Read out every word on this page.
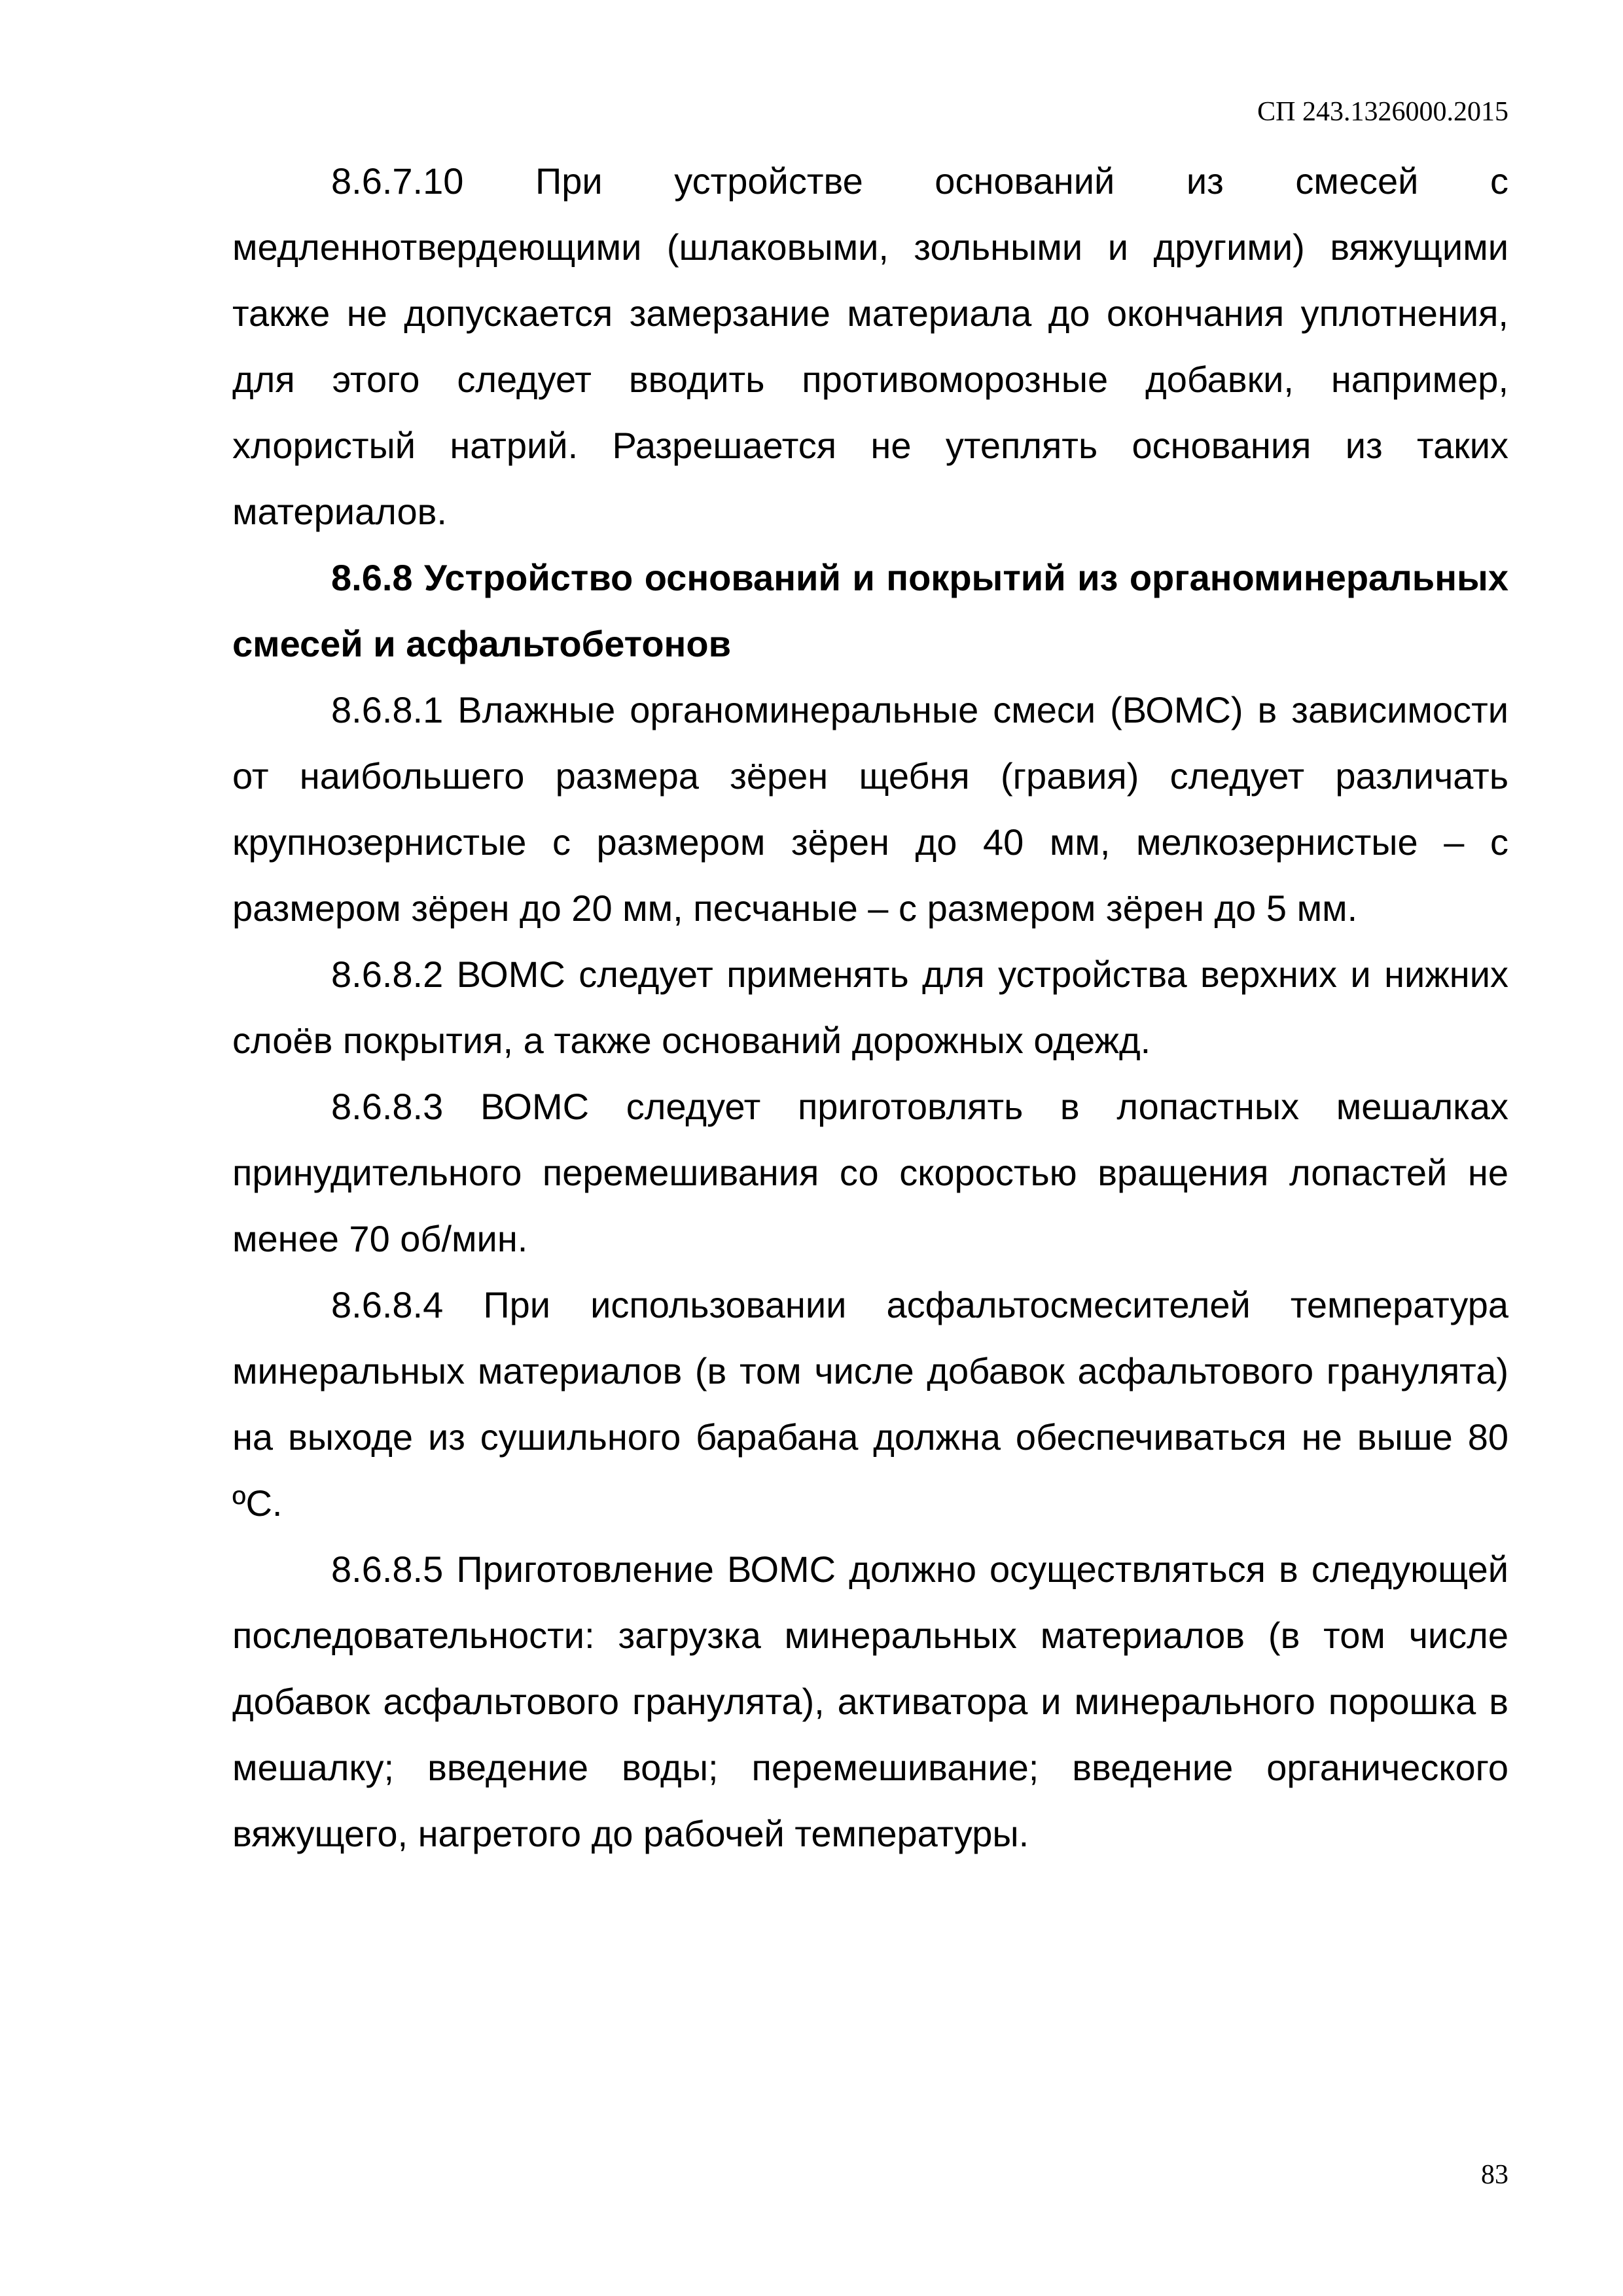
СП 243.1326000.2015

8.6.7.10 При устройстве оснований из смесей с медленнотвердеющими (шлаковыми, зольными и другими) вяжущими также не допускается замерзание материала до окончания уплотнения, для этого следует вводить противоморозные добавки, например, хлористый натрий. Разрешается не утеплять основания из таких материалов.

8.6.8 Устройство оснований и покрытий из органоминеральных смесей и асфальтобетонов

8.6.8.1 Влажные органоминеральные смеси (ВОМС) в зависимости от наибольшего размера зёрен щебня (гравия) следует различать крупнозернистые с размером зёрен до 40 мм, мелкозернистые – с размером зёрен до 20 мм, песчаные – с размером зёрен до 5 мм.

8.6.8.2 ВОМС следует применять для устройства верхних и нижних слоёв покрытия, а также оснований дорожных одежд.

8.6.8.3 ВОМС следует приготовлять в лопастных мешалках принудительного перемешивания со скоростью вращения лопастей не менее 70 об/мин.

8.6.8.4 При использовании асфальтосмесителей температура минеральных материалов (в том числе добавок асфальтового гранулята) на выходе из сушильного барабана должна обеспечиваться не выше 80 ºС.

8.6.8.5 Приготовление ВОМС должно осуществляться в следующей последовательности: загрузка минеральных материалов (в том числе добавок асфальтового гранулята), активатора и минерального порошка в мешалку; введение воды; перемешивание; введение органического вяжущего, нагретого до рабочей температуры.

83
